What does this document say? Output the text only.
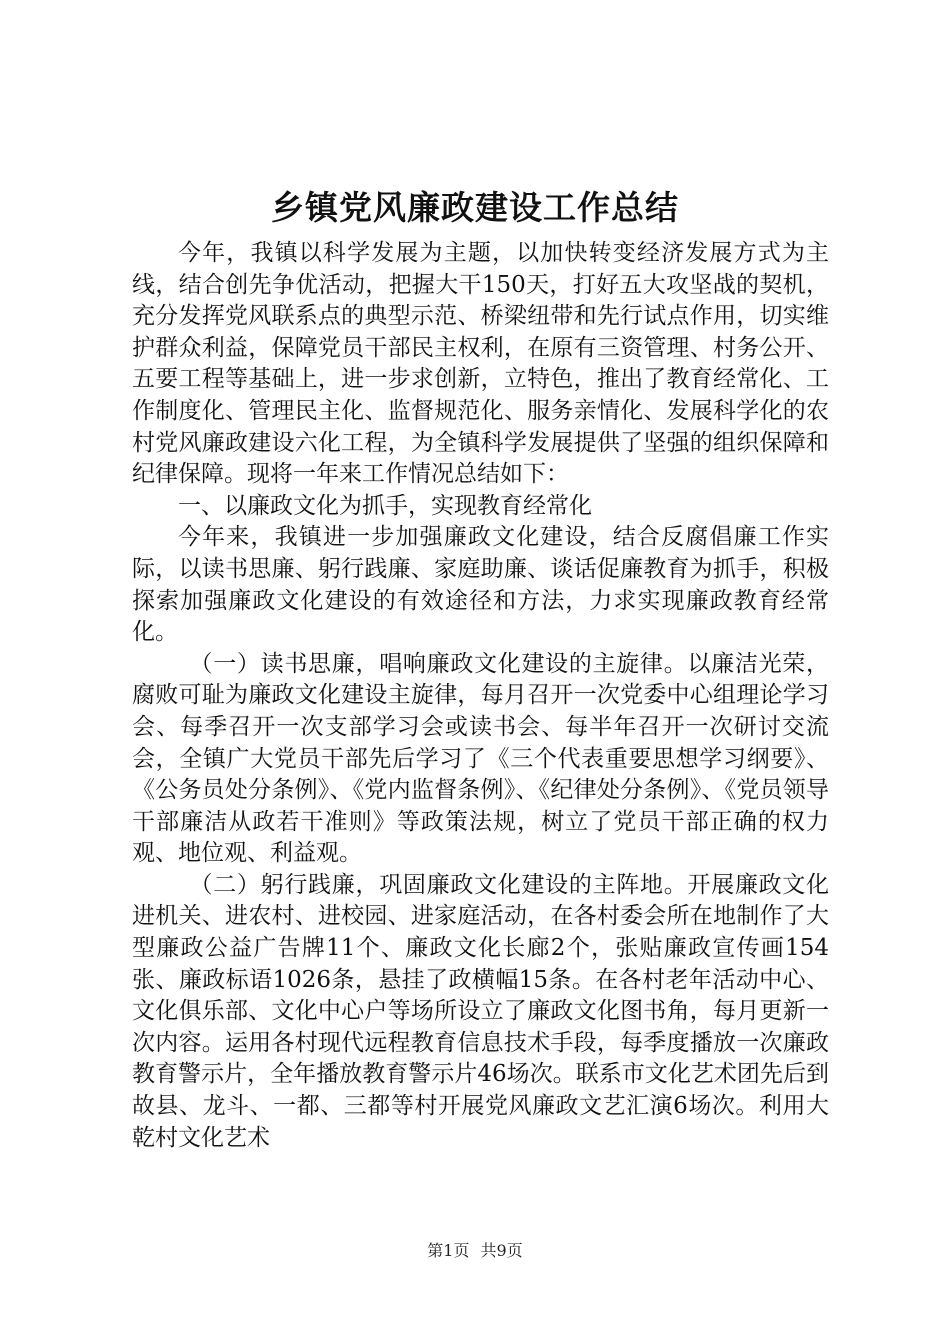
乡镇党风廉政建设工作总结

今年，我镇以科学发展为主题，以加快转变经济发展方式为主线，结合创先争优活动，把握大干150天，打好五大攻坚战的契机，充分发挥党风联系点的典型示范、桥梁纽带和先行试点作用，切实维护群众利益，保障党员干部民主权利，在原有三资管理、村务公开、五要工程等基础上，进一步求创新，立特色，推出了教育经常化、工作制度化、管理民主化、监督规范化、服务亲情化、发展科学化的农村党风廉政建设六化工程，为全镇科学发展提供了坚强的组织保障和纪律保障。现将一年来工作情况总结如下：

一、以廉政文化为抓手，实现教育经常化

今年来，我镇进一步加强廉政文化建设，结合反腐倡廉工作实际，以读书思廉、躬行践廉、家庭助廉、谈话促廉教育为抓手，积极探索加强廉政文化建设的有效途径和方法，力求实现廉政教育经常化。

（一）读书思廉，唱响廉政文化建设的主旋律。以廉洁光荣，腐败可耻为廉政文化建设主旋律，每月召开一次党委中心组理论学习会、每季召开一次支部学习会或读书会、每半年召开一次研讨交流会，全镇广大党员干部先后学习了《三个代表重要思想学习纲要》、《公务员处分条例》、《党内监督条例》、《纪律处分条例》、《党员领导干部廉洁从政若干准则》等政策法规，树立了党员干部正确的权力观、地位观、利益观。

（二）躬行践廉，巩固廉政文化建设的主阵地。开展廉政文化进机关、进农村、进校园、进家庭活动，在各村委会所在地制作了大型廉政公益广告牌11个、廉政文化长廊2个，张贴廉政宣传画154张、廉政标语1026条，悬挂了政横幅15条。在各村老年活动中心、文化俱乐部、文化中心户等场所设立了廉政文化图书角，每月更新一次内容。运用各村现代远程教育信息技术手段，每季度播放一次廉政教育警示片，全年播放教育警示片46场次。联系市文化艺术团先后到故县、龙斗、一都、三都等村开展党风廉政文艺汇演6场次。利用大乾村文化艺术

第1页 共9页
